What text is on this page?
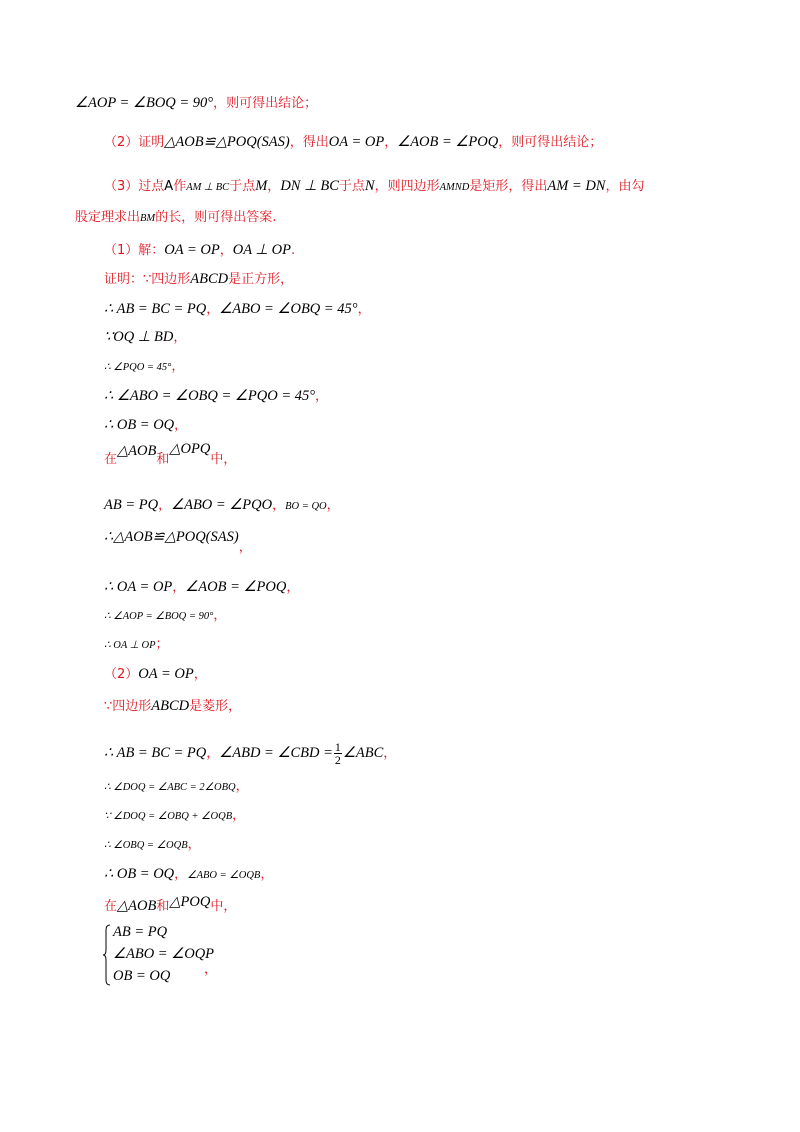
∠AOP = ∠BOQ = 90°，则可得出结论；
（2）证明△AOB≌△POQ(SAS)，得出OA = OP，∠AOB = ∠POQ，则可得出结论；
（3）过点A作AM ⊥ BC于点M，DN ⊥ BC于点N，则四边形AMND是矩形，得出AM = DN，由勾
股定理求出BM的长，则可得出答案.
（1）解：OA = OP，OA ⊥ OP.
证明：∵四边形ABCD是正方形，
∴ AB = BC = PQ，∠ABO = ∠OBQ = 45°，
∵OQ ⊥ BD，
∴ ∠PQO = 45°，
∴ ∠ABO = ∠OBQ = ∠PQO = 45°，
∴ OB = OQ，
在△AOB和△OPQ中，
AB = PQ，∠ABO = ∠PQO，BO = QO，
∴△AOB≌△POQ(SAS)，
∴ OA = OP，∠AOB = ∠POQ，
∴ ∠AOP = ∠BOQ = 90°，
∴ OA ⊥ OP；
（2）OA = OP，
∵四边形ABCD是菱形，
∴ AB = BC = PQ，∠ABD = ∠CBD = $\frac{1}{2}$ ∠ABC，
∴ ∠DOQ = ∠ABC = 2∠OBQ，
∵ ∠DOQ = ∠OBQ + ∠OQB，
∴ ∠OBQ = ∠OQB，
∴ OB = OQ，∠ABO = ∠OQB，
在△AOB和△POQ中，
AB = PQ
∠ABO = ∠OQP
OB = OQ	，
